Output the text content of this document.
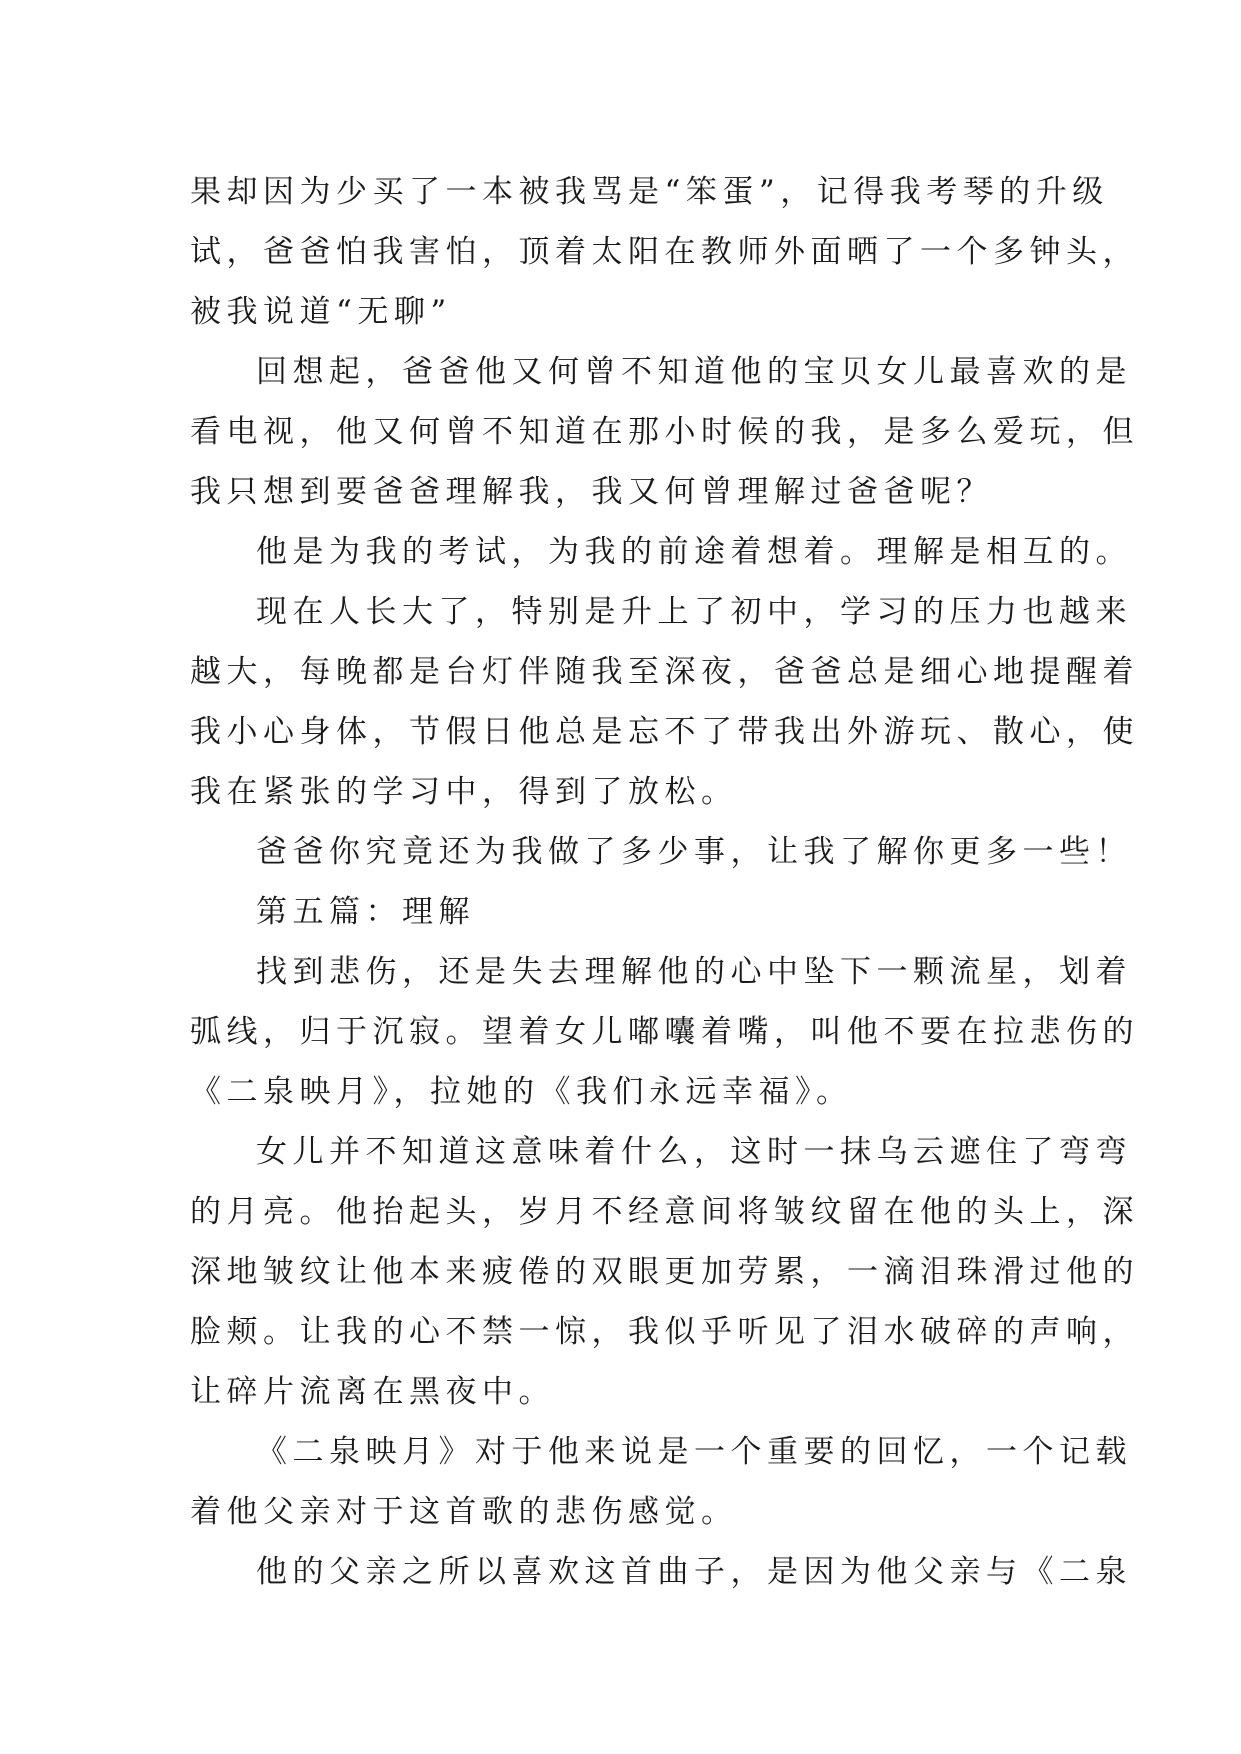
果却因为少买了一本被我骂是“笨蛋”，记得我考琴的升级
试，爸爸怕我害怕，顶着太阳在教师外面晒了一个多钟头，
被我说道“无聊”
回想起，爸爸他又何曾不知道他的宝贝女儿最喜欢的是
看电视，他又何曾不知道在那小时候的我，是多么爱玩，但
我只想到要爸爸理解我，我又何曾理解过爸爸呢？
他是为我的考试，为我的前途着想着。理解是相互的。
现在人长大了，特别是升上了初中，学习的压力也越来
越大，每晚都是台灯伴随我至深夜，爸爸总是细心地提醒着
我小心身体，节假日他总是忘不了带我出外游玩、散心，使
我在紧张的学习中，得到了放松。
爸爸你究竟还为我做了多少事，让我了解你更多一些！
第五篇：理解
找到悲伤，还是失去理解他的心中坠下一颗流星，划着
弧线，归于沉寂。望着女儿嘟囔着嘴，叫他不要在拉悲伤的
《二泉映月》，拉她的《我们永远幸福》。
女儿并不知道这意味着什么，这时一抹乌云遮住了弯弯
的月亮。他抬起头，岁月不经意间将皱纹留在他的头上，深
深地皱纹让他本来疲倦的双眼更加劳累，一滴泪珠滑过他的
脸颊。让我的心不禁一惊，我似乎听见了泪水破碎的声响，
让碎片流离在黑夜中。
《二泉映月》对于他来说是一个重要的回忆，一个记载
着他父亲对于这首歌的悲伤感觉。
他的父亲之所以喜欢这首曲子，是因为他父亲与《二泉
